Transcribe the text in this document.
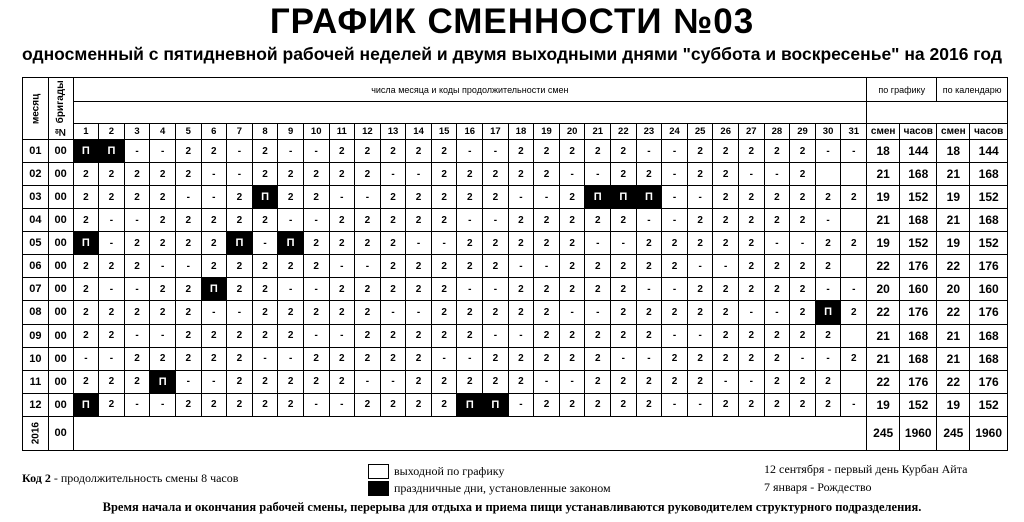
ГРАФИК СМЕННОСТИ №03
односменный с пятидневной рабочей неделей и двумя выходными днями "суббота и воскресенье" на 2016 год
месяц	№ бригады	числа месяца и коды продолжительности смен																															по графику		по календарю	

		1	2	3	4	5	6	7	8	9	10	11	12	13	14	15	16	17	18	19	20	21	22	23	24	25	26	27	28	29	30	31	смен	часов	смен	часов
01	00	П	П	-	-	2	2	-	2	-	-	2	2	2	2	2	-	-	2	2	2	2	2	-	-	2	2	2	2	2	-	-	18	144	18	144
02	00	2	2	2	2	2	-	-	2	2	2	2	2	-	-	2	2	2	2	2	-	-	2	2	-	2	2	-	-	2			21	168	21	168
03	00	2	2	2	2	-	-	2	П	2	2	-	-	2	2	2	2	2	-	-	2	П	П	П	-	-	2	2	2	2	2	2	19	152	19	152
04	00	2	-	-	2	2	2	2	2	-	-	2	2	2	2	2	-	-	2	2	2	2	2	-	-	2	2	2	2	2	-		21	168	21	168
05	00	П	-	2	2	2	2	П	-	П	2	2	2	2	-	-	2	2	2	2	2	-	-	2	2	2	2	2	-	-	2	2	19	152	19	152
06	00	2	2	2	-	-	2	2	2	2	2	-	-	2	2	2	2	2	-	-	2	2	2	2	2	-	-	2	2	2	2		22	176	22	176
07	00	2	-	-	2	2	П	2	2	-	-	2	2	2	2	2	-	-	2	2	2	2	2	-	-	2	2	2	2	2	-	-	20	160	20	160
08	00	2	2	2	2	2	-	-	2	2	2	2	2	-	-	2	2	2	2	2	-	-	2	2	2	2	2	-	-	2	П	2	22	176	22	176
09	00	2	2	-	-	2	2	2	2	2	-	-	2	2	2	2	2	-	-	2	2	2	2	2	-	-	2	2	2	2	2		21	168	21	168
10	00	-	-	2	2	2	2	2	-	-	2	2	2	2	2	-	-	2	2	2	2	2	-	-	2	2	2	2	2	-	-	2	21	168	21	168
11	00	2	2	2	П	-	-	2	2	2	2	2	-	-	2	2	2	2	2	-	-	2	2	2	2	2	-	-	2	2	2		22	176	22	176
12	00	П	2	-	-	2	2	2	2	2	-	-	2	2	2	2	П	П	-	2	2	2	2	2	-	-	2	2	2	2	2	-	19	152	19	152
2016	00																																245	1960	245	1960
Код 2 - продолжительность смены 8 часов	выходной по графику
праздничные дни, установленные законом
12 сентября - первый день Курбан Айта
7 января - Рождество
Время начала и окончания рабочей смены, перерыва для отдыха и приема пищи устанавливаются руководителем структурного подразделения.
